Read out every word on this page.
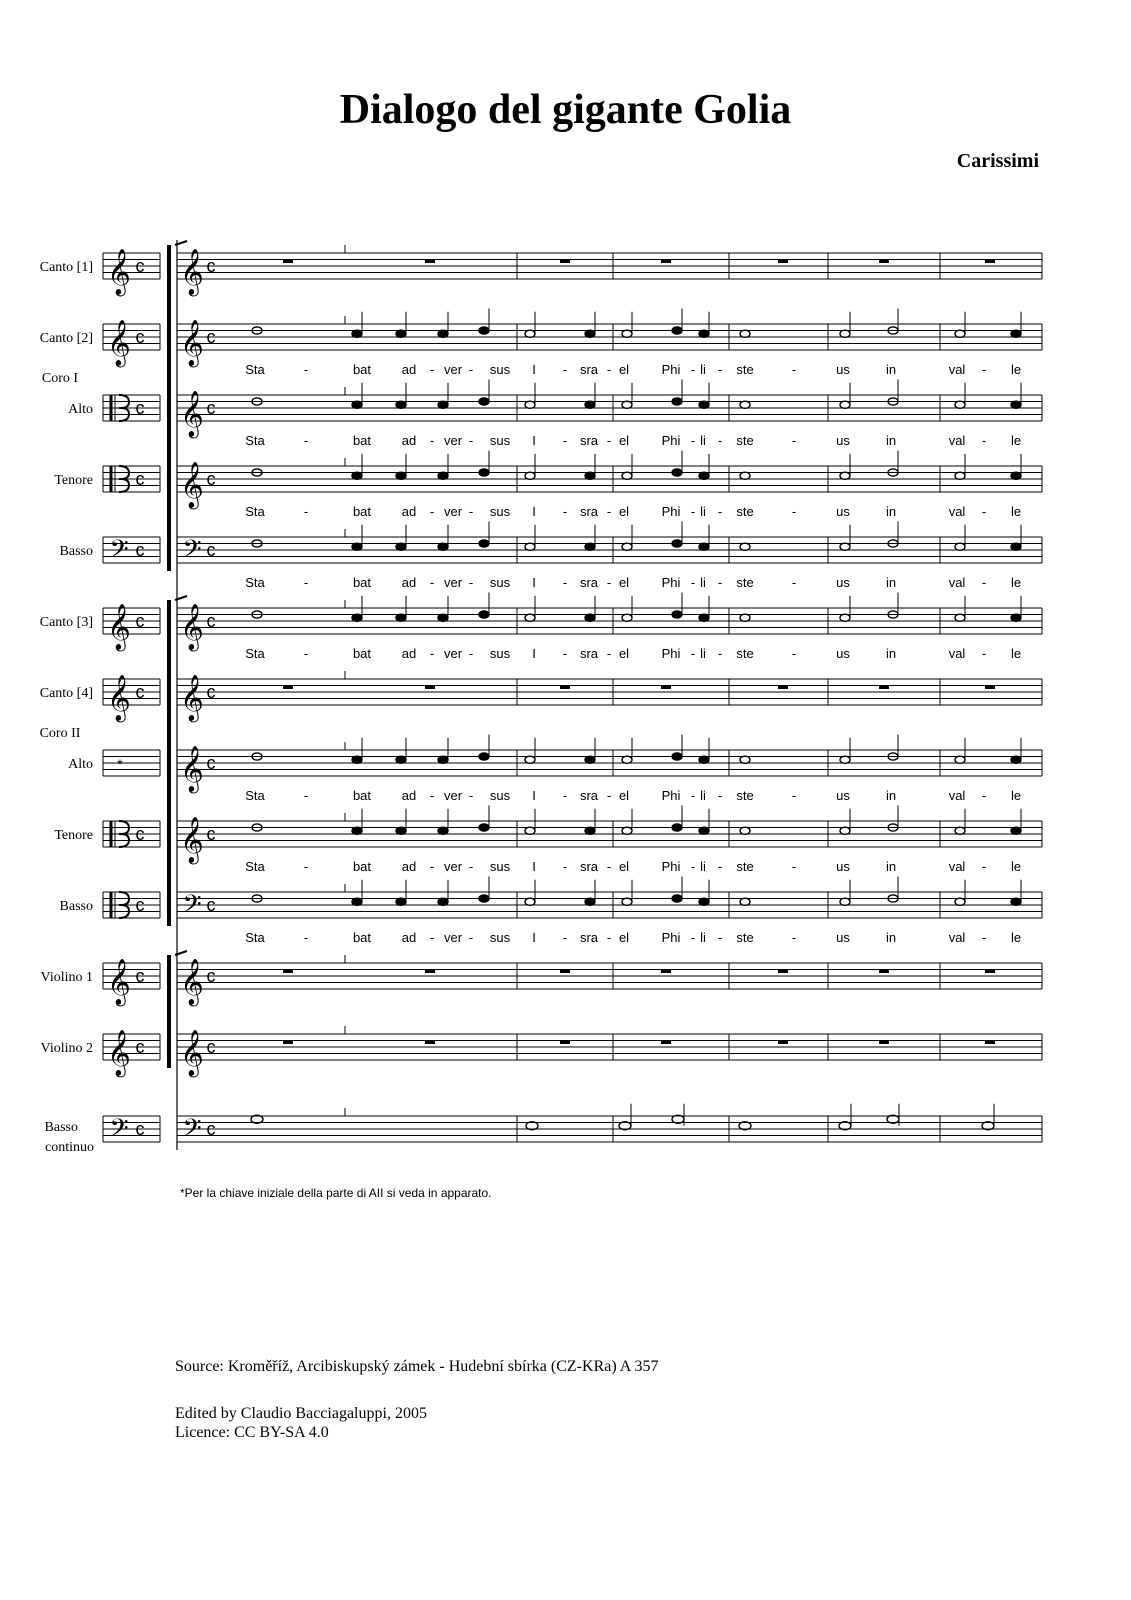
Dialogo del gigante Golia
Carissimi
Coro I
Coro II
Canto [1] 𝄞 c 𝄞 c
Canto [2] 𝄞 c 𝄞 c
Sta	-	bat ad - ver - sus I - sra - el	Phi - li - ste	-	us	in	val - le
Alto c 𝄞 c
Sta	-	bat ad - ver - sus I - sra - el	Phi - li - ste	-	us	in	val - le
Tenore c 𝄞 c
Sta	-	bat ad - ver - sus I - sra - el	Phi - li - ste	-	us	in	val - le
Basso 𝄢 c 𝄢 c
Sta	-	bat ad - ver - sus I - sra - el	Phi - li - ste	-	us	in	val - le
Canto [3] 𝄞 c 𝄞 c
Sta	-	bat ad - ver - sus I - sra - el	Phi - li - ste	-	us	in	val - le
Canto [4] 𝄞 c 𝄞 c
Alto * 𝄞 c
Sta	-	bat ad - ver - sus I - sra - el	Phi - li - ste	-	us	in	val - le
Tenore c 𝄞 c
Sta	-	bat ad - ver - sus I - sra - el	Phi - li - ste	-	us	in	val - le
Basso c 𝄢 c
Sta	-	bat ad - ver - sus I - sra - el	Phi - li - ste	-	us	in	val - le
Violino 1 𝄞 c 𝄞 c
Violino 2 𝄞 c 𝄞 c
Basso
continuo 𝄢 c 𝄢 c
*Per la chiave iniziale della parte di AII si veda in apparato.
Source: Kroměříž, Arcibiskupský zámek - Hudební sbírka (CZ-KRa) A 357
Edited by Claudio Bacciagaluppi, 2005
Licence: CC BY-SA 4.0
